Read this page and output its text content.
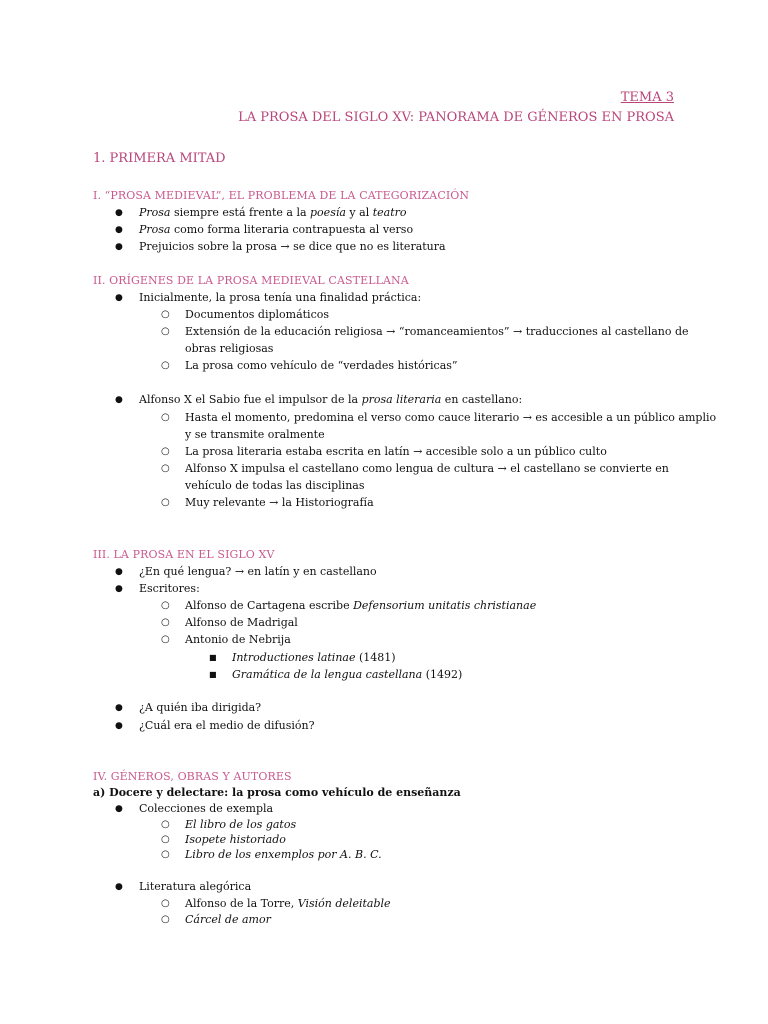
TEMA 3
LA PROSA DEL SIGLO XV: PANORAMA DE GÉNEROS EN PROSA
1. PRIMERA MITAD
I. “PROSA MEDIEVAL”, EL PROBLEMA DE LA CATEGORIZACIÓN
● Prosa siempre está frente a la poesía y al teatro
● Prosa como forma literaria contrapuesta al verso
● Prejuicios sobre la prosa → se dice que no es literatura
II. ORÍGENES DE LA PROSA MEDIEVAL CASTELLANA
● Inicialmente, la prosa tenía una finalidad práctica:
○ Documentos diplomáticos
○ Extensión de la educación religiosa → “romanceamientos” → traducciones al castellano de
obras religiosas
○ La prosa como vehículo de “verdades históricas”
● Alfonso X el Sabio fue el impulsor de la prosa literaria en castellano:
○ Hasta el momento, predomina el verso como cauce literario → es accesible a un público amplio
y se transmite oralmente
○ La prosa literaria estaba escrita en latín → accesible solo a un público culto
○ Alfonso X impulsa el castellano como lengua de cultura → el castellano se convierte en
vehículo de todas las disciplinas
○ Muy relevante → la Historiografía
III. LA PROSA EN EL SIGLO XV
● ¿En qué lengua? → en latín y en castellano
● Escritores:
○ Alfonso de Cartagena escribe Defensorium unitatis christianae
○ Alfonso de Madrigal
○ Antonio de Nebrija
■ Introductiones latinae (1481)
■ Gramática de la lengua castellana (1492)
● ¿A quién iba dirigida?
● ¿Cuál era el medio de difusión?
IV. GÉNEROS, OBRAS Y AUTORES
a) Docere y delectare: la prosa como vehículo de enseñanza
● Colecciones de exempla
○ El libro de los gatos
○ Isopete historiado
○ Libro de los enxemplos por A. B. C.
● Literatura alegórica
○ Alfonso de la Torre, Visión deleitable
○ Cárcel de amor
